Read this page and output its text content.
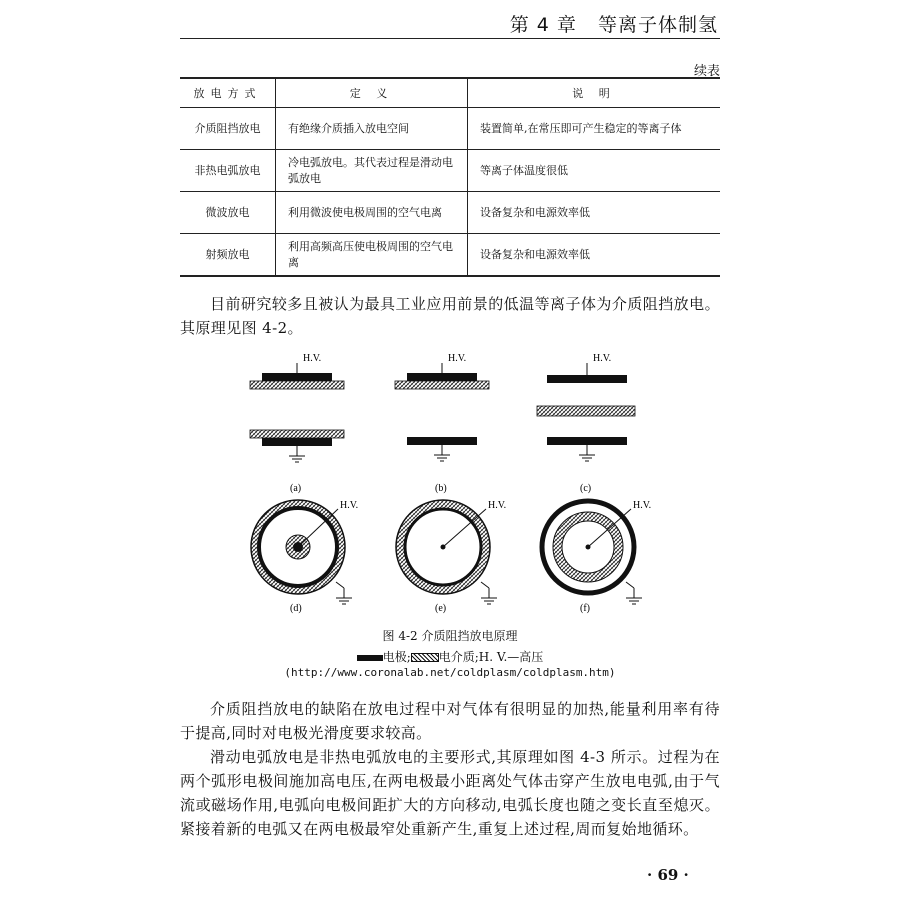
第 4 章 等离子体制氢
续表
放电方式	定 义	说 明
介质阻挡放电	有绝缘介质插入放电空间	装置简单,在常压即可产生稳定的等离子体
非热电弧放电	冷电弧放电。其代表过程是滑动电弧放电	等离子体温度很低
微波放电	利用微波使电极周围的空气电离	设备复杂和电源效率低
射频放电	利用高频高压使电极周围的空气电离	设备复杂和电源效率低
目前研究较多且被认为最具工业应用前景的低温等离子体为介质阻挡放电。其原理见图 4-2。
H.V.
(a)
H.V.
(b)
H.V.
(c)
H.V.
(d)
H.V.
(e)
H.V.
(f)
图 4-2 介质阻挡放电原理
电极; 电介质;H. V.—高压
(http://www.coronalab.net/coldplasm/coldplasm.htm)
介质阻挡放电的缺陷在放电过程中对气体有很明显的加热,能量利用率有待于提高,同时对电极光滑度要求较高。
滑动电弧放电是非热电弧放电的主要形式,其原理如图 4-3 所示。过程为在两个弧形电极间施加高电压,在两电极最小距离处气体击穿产生放电电弧,由于气流或磁场作用,电弧向电极间距扩大的方向移动,电弧长度也随之变长直至熄灭。紧接着新的电弧又在两电极最窄处重新产生,重复上述过程,周而复始地循环。
· 69 ·
